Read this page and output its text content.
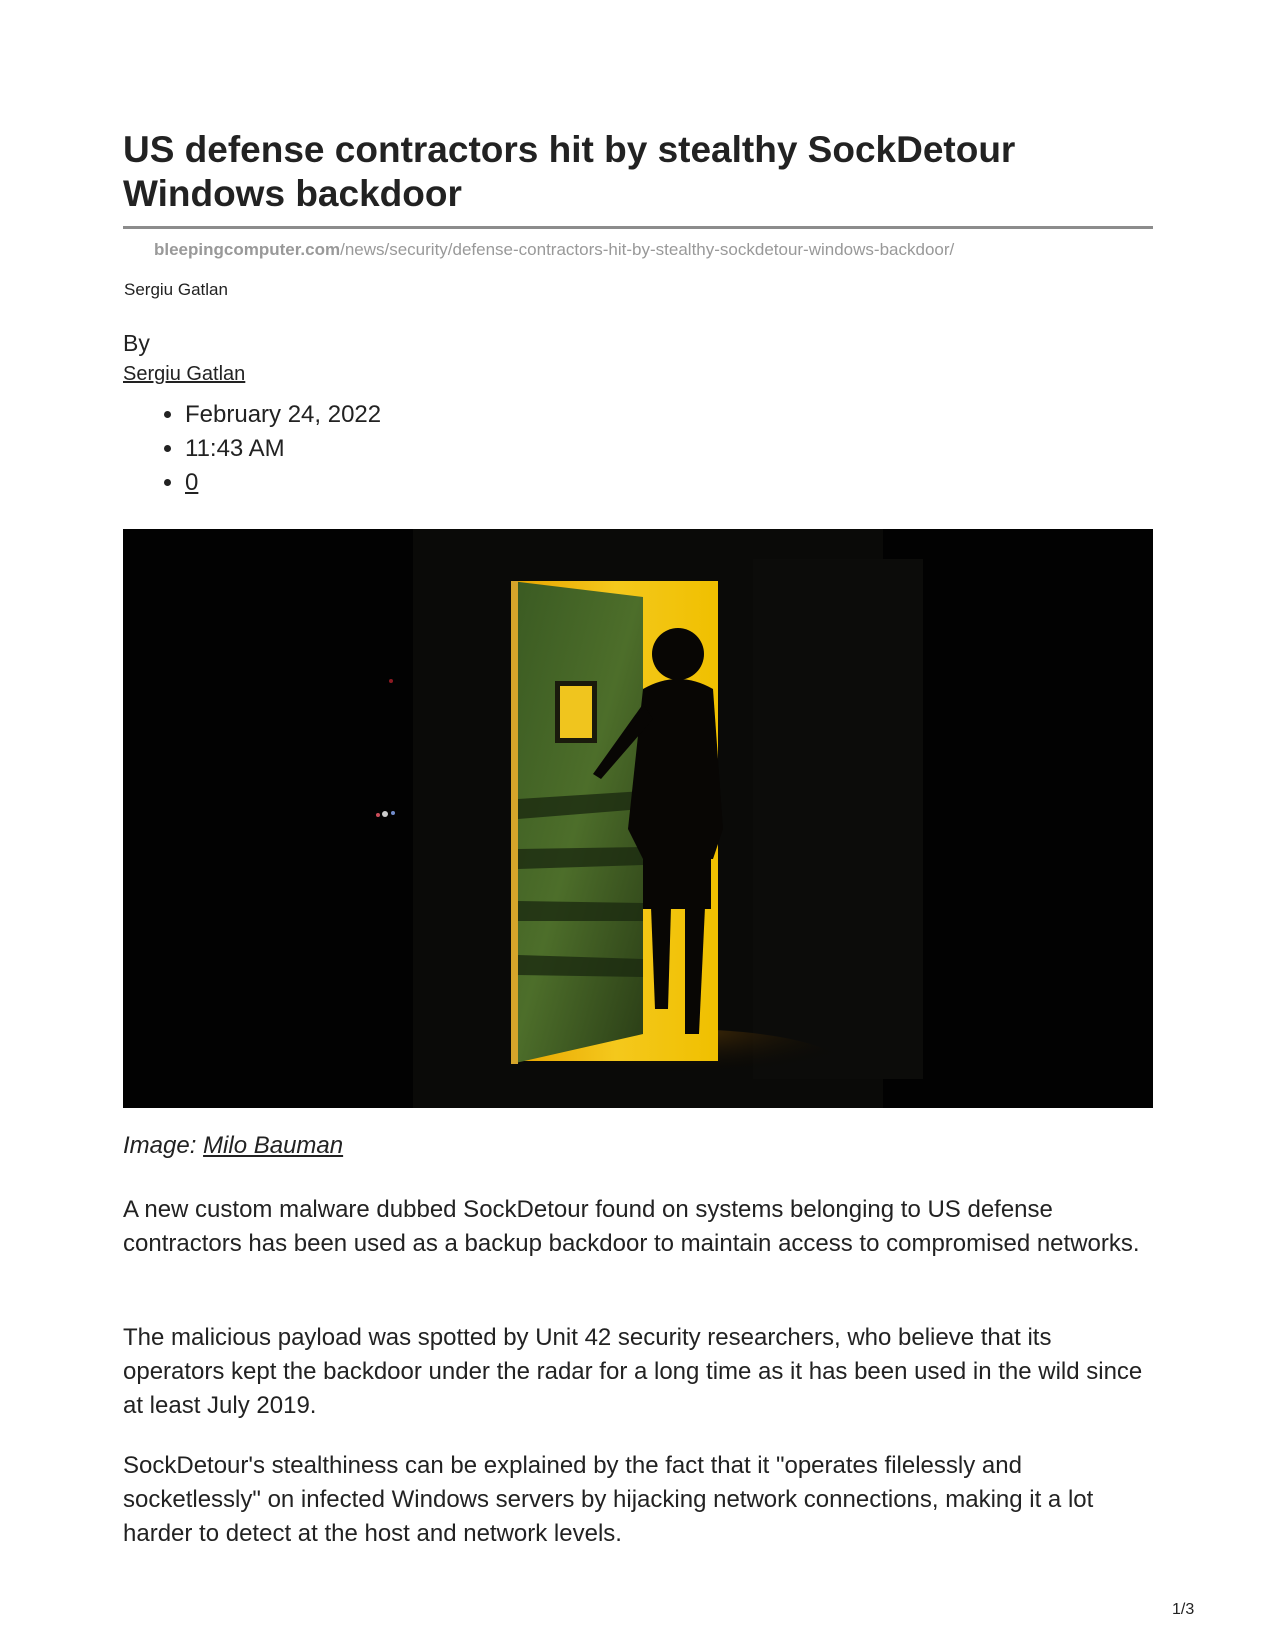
US defense contractors hit by stealthy SockDetour Windows backdoor
bleepingcomputer.com/news/security/defense-contractors-hit-by-stealthy-sockdetour-windows-backdoor/
Sergiu Gatlan
By
Sergiu Gatlan
• February 24, 2022
• 11:43 AM
• 0
Image: Milo Bauman

A new custom malware dubbed SockDetour found on systems belonging to US defense contractors has been used as a backup backdoor to maintain access to compromised networks.

The malicious payload was spotted by Unit 42 security researchers, who believe that its operators kept the backdoor under the radar for a long time as it has been used in the wild since at least July 2019.

SockDetour's stealthiness can be explained by the fact that it "operates filelessly and socketlessly" on infected Windows servers by hijacking network connections, making it a lot harder to detect at the host and network levels.

1/3
